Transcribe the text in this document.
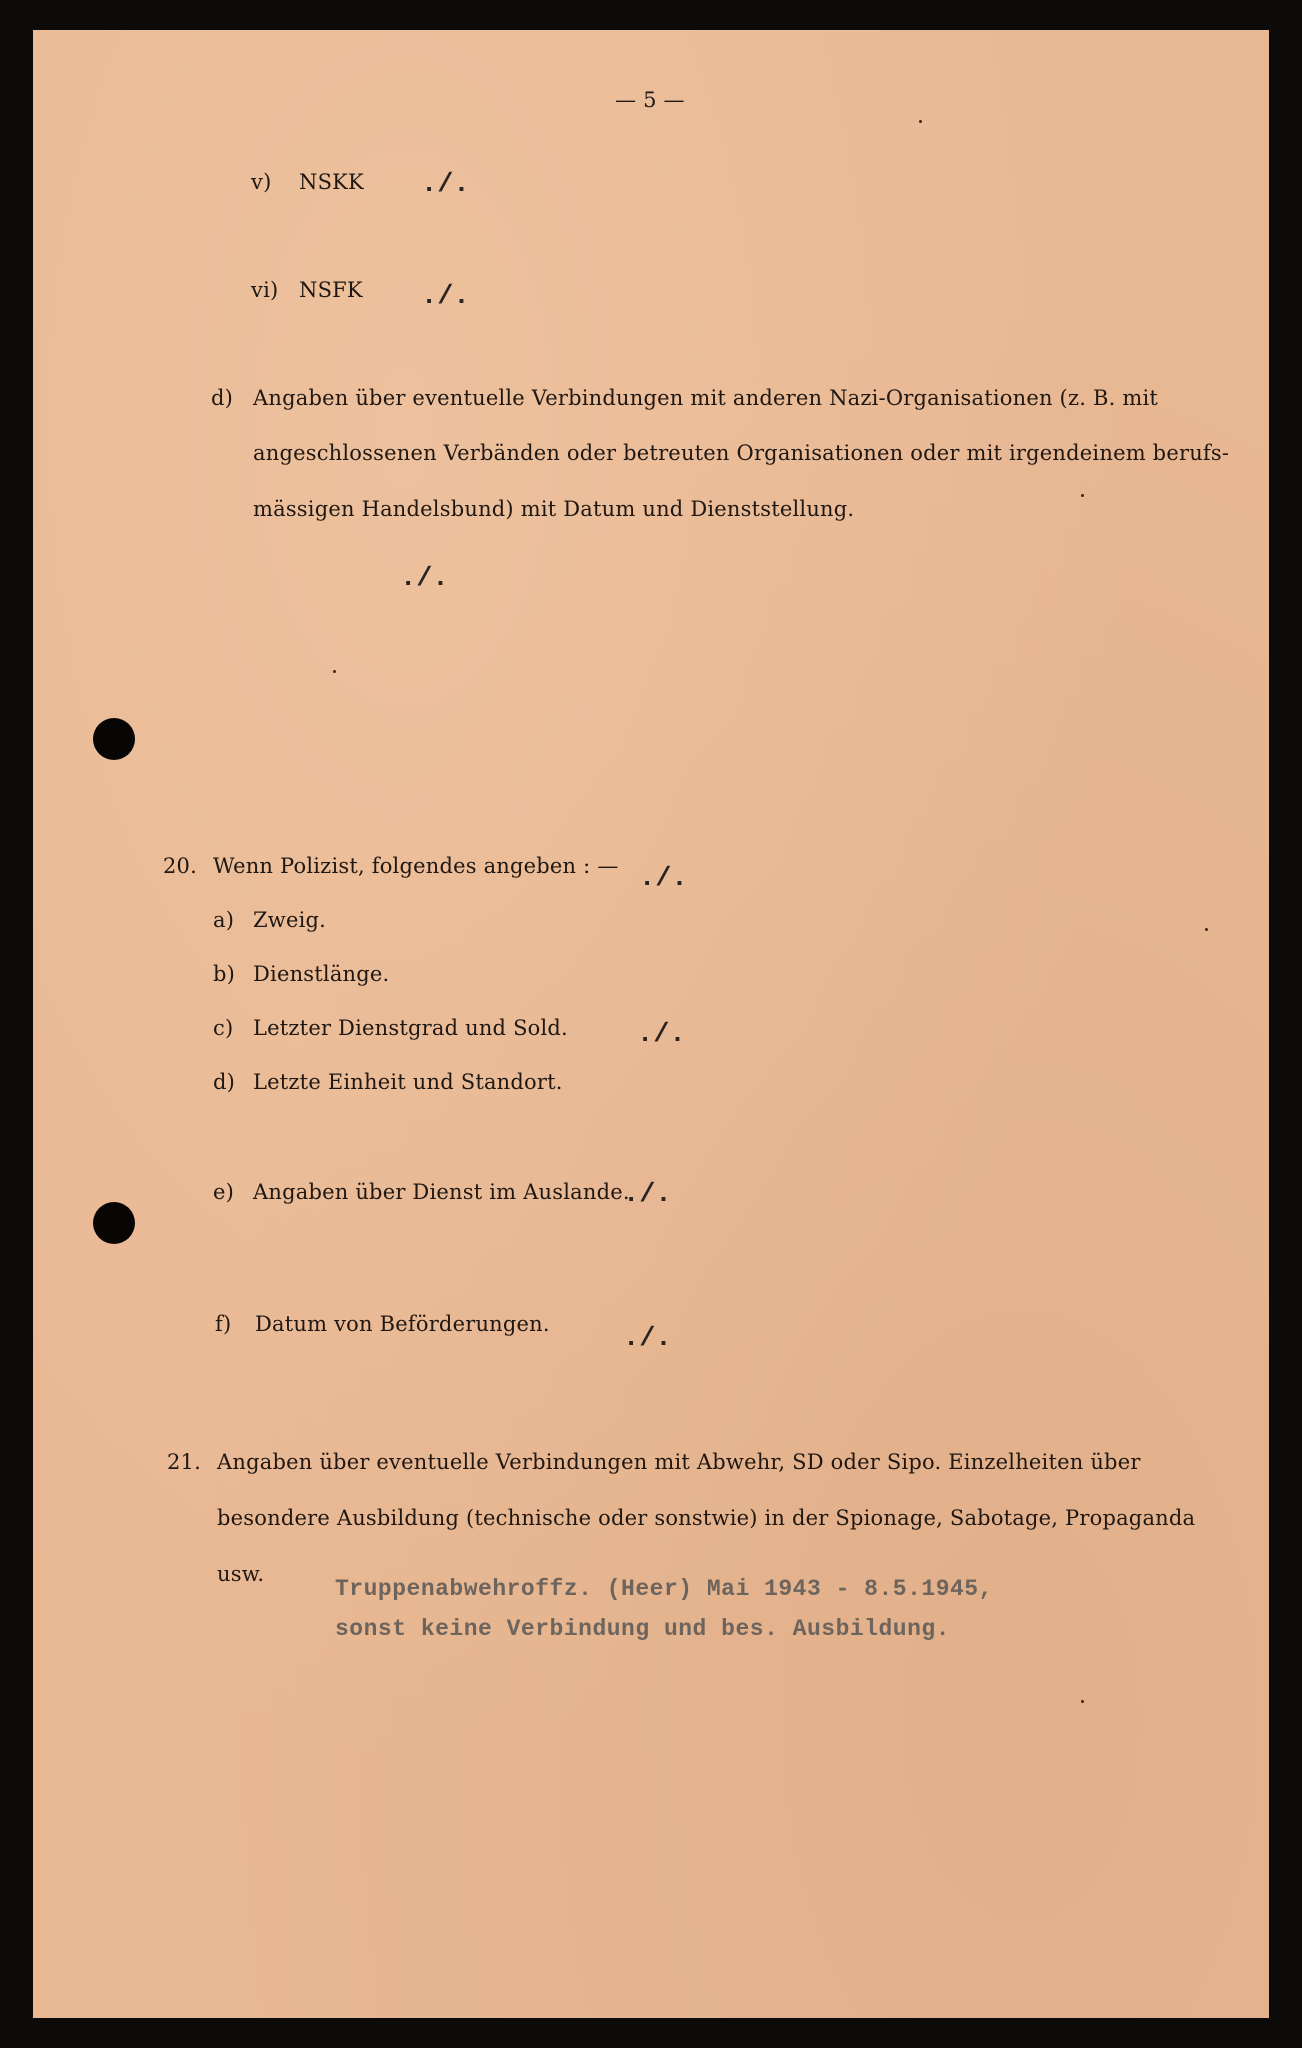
— 5 —
v) NSKK ./.
vi) NSFK ./.
d) Angaben über eventuelle Verbindungen mit anderen Nazi-Organisationen (z. B. mit
angeschlossenen Verbänden oder betreuten Organisationen oder mit irgendeinem berufs-
mässigen Handelsbund) mit Datum und Dienststellung.
./.
20. Wenn Polizist, folgendes angeben : — ./.
a) Zweig.
b) Dienstlänge.
c) Letzter Dienstgrad und Sold.	./.
d) Letzte Einheit und Standort.
e) Angaben über Dienst im Auslande.
./.
f) Datum von Beförderungen.	./.
21. Angaben über eventuelle Verbindungen mit Abwehr, SD oder Sipo. Einzelheiten über
besondere Ausbildung (technische oder sonstwie) in der Spionage, Sabotage, Propaganda
usw.
Truppenabwehroffz. (Heer) Mai 1943 - 8.5.1945,
sonst keine Verbindung und bes. Ausbildung.
